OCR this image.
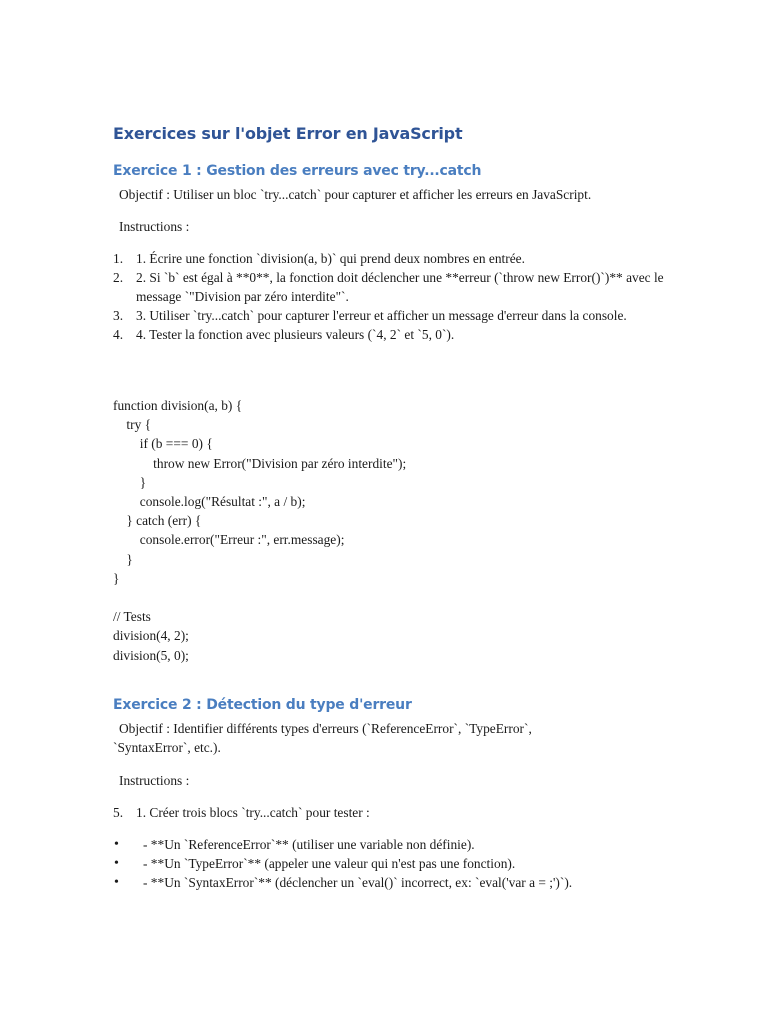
Exercices sur l'objet Error en JavaScript
Exercice 1 : Gestion des erreurs avec try...catch
Objectif : Utiliser un bloc `try...catch` pour capturer et afficher les erreurs en JavaScript.
Instructions :
1. 1. Écrire une fonction `division(a, b)` qui prend deux nombres en entrée.
2. 2. Si `b` est égal à **0**, la fonction doit déclencher une **erreur (`throw new Error()`)** avec le message `"Division par zéro interdite"`.
3. 3. Utiliser `try...catch` pour capturer l'erreur et afficher un message d'erreur dans la console.
4. 4. Tester la fonction avec plusieurs valeurs (`4, 2` et `5, 0`).
function division(a, b) {
try {
if (b === 0) {
throw new Error("Division par zéro interdite");
}
console.log("Résultat :", a / b);
} catch (err) {
console.error("Erreur :", err.message);
}
}

// Tests
division(4, 2);
division(5, 0);
Exercice 2 : Détection du type d'erreur
Objectif : Identifier différents types d'erreurs (`ReferenceError`, `TypeError`,
`SyntaxError`, etc.).
Instructions :
5. 1. Créer trois blocs `try...catch` pour tester :
• - **Un `ReferenceError`** (utiliser une variable non définie).
• - **Un `TypeError`** (appeler une valeur qui n'est pas une fonction).
• - **Un `SyntaxError`** (déclencher un `eval()` incorrect, ex: `eval('var a = ;')`).
